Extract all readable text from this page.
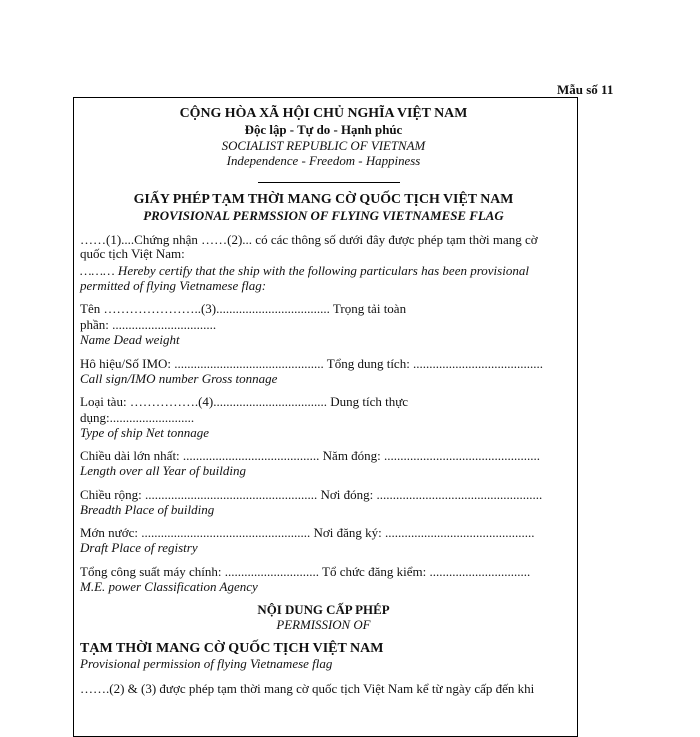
Mẫu số 11
CỘNG HÒA XÃ HỘI CHỦ NGHĨA VIỆT NAM
Độc lập - Tự do - Hạnh phúc
SOCIALIST REPUBLIC OF VIETNAM
Independence - Freedom - Happiness
GIẤY PHÉP TẠM THỜI MANG CỜ QUỐC TỊCH VIỆT NAM
PROVISIONAL PERMSSION OF FLYING VIETNAMESE FLAG
……(1)....Chứng nhận ……(2)... có các thông số dưới đây được phép tạm thời mang cờ
quốc tịch Việt Nam:
……… Hereby certify that the ship with the following particulars has been provisional
permitted of flying Vietnamese flag:
Tên …………………..(3)................................... Trọng tải toàn
phần: ................................
Name Dead weight
Hô hiệu/Số IMO: .............................................. Tổng dung tích: ........................................
Call sign/IMO number Gross tonnage
Loại tàu: …………….(4)................................... Dung tích thực
dụng:..........................
Type of ship Net tonnage
Chiều dài lớn nhất: .......................................... Năm đóng: ................................................
Length over all Year of building
Chiều rộng: ..................................................... Nơi đóng: ...................................................
Breadth Place of building
Mớn nước: .................................................... Nơi đăng ký: ..............................................
Draft Place of registry
Tổng công suất máy chính: ............................. Tổ chức đăng kiểm: ...............................
M.E. power Classification Agency
NỘI DUNG CẤP PHÉP
PERMISSION OF
TẠM THỜI MANG CỜ QUỐC TỊCH VIỆT NAM
Provisional permission of flying Vietnamese flag
…….(2) & (3) được phép tạm thời mang cờ quốc tịch Việt Nam kể từ ngày cấp đến khi
